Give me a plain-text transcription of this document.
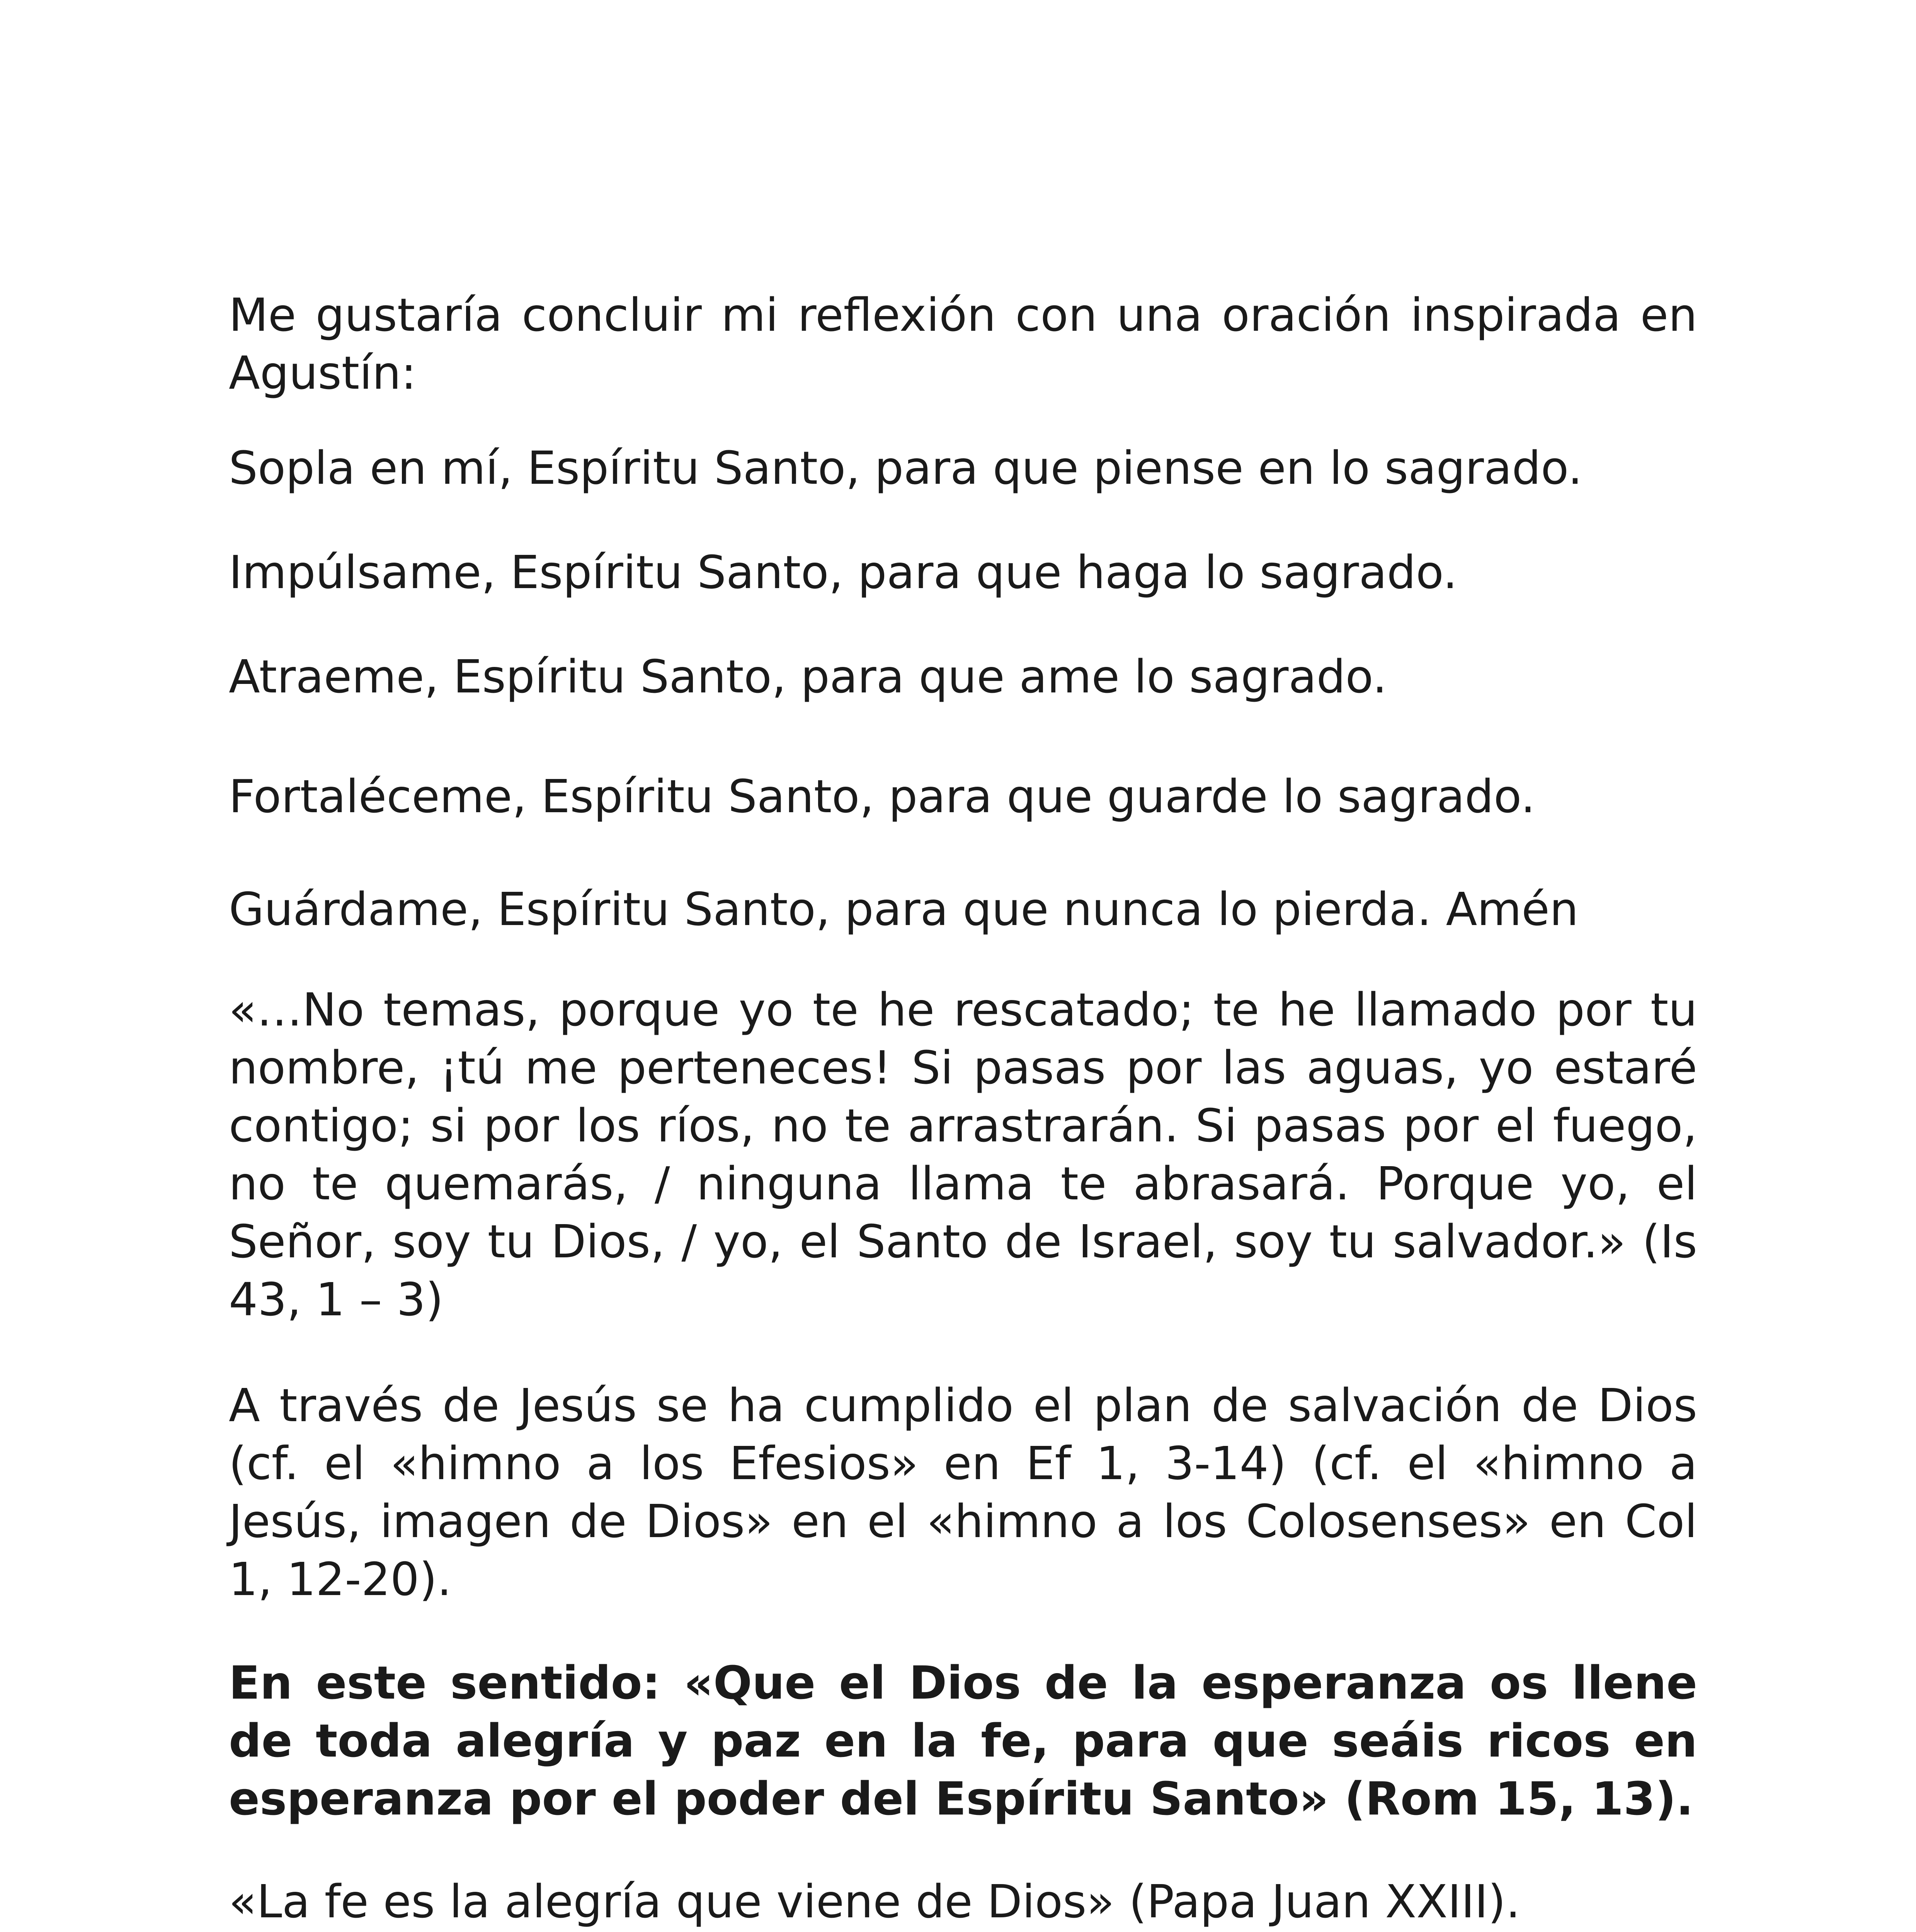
Me gustaría concluir mi reflexión con una oración inspirada en Agustín:

Sopla en mí, Espíritu Santo, para que piense en lo sagrado.

Impúlsame, Espíritu Santo, para que haga lo sagrado.

Atraeme, Espíritu Santo, para que ame lo sagrado.

Fortaléceme, Espíritu Santo, para que guarde lo sagrado.

Guárdame, Espíritu Santo, para que nunca lo pierda. Amén

«…No temas, porque yo te he rescatado; te he llamado por tu nombre, ¡tú me perteneces! Si pasas por las aguas, yo estaré contigo; si por los ríos, no te arrastrarán. Si pasas por el fuego, no te quemarás, / ninguna llama te abrasará. Porque yo, el Señor, soy tu Dios, / yo, el Santo de Israel, soy tu salvador.» (Is 43, 1 – 3)

A través de Jesús se ha cumplido el plan de salvación de Dios (cf. el «himno a los Efesios» en Ef 1, 3-14) (cf. el «himno a Jesús, imagen de Dios» en el «himno a los Colosenses» en Col 1, 12-20).

En este sentido: «Que el Dios de la esperanza os llene de toda alegría y paz en la fe, para que seáis ricos en esperanza por el poder del Espíritu Santo» (Rom 15, 13).

«La fe es la alegría que viene de Dios» (Papa Juan XXIII).
